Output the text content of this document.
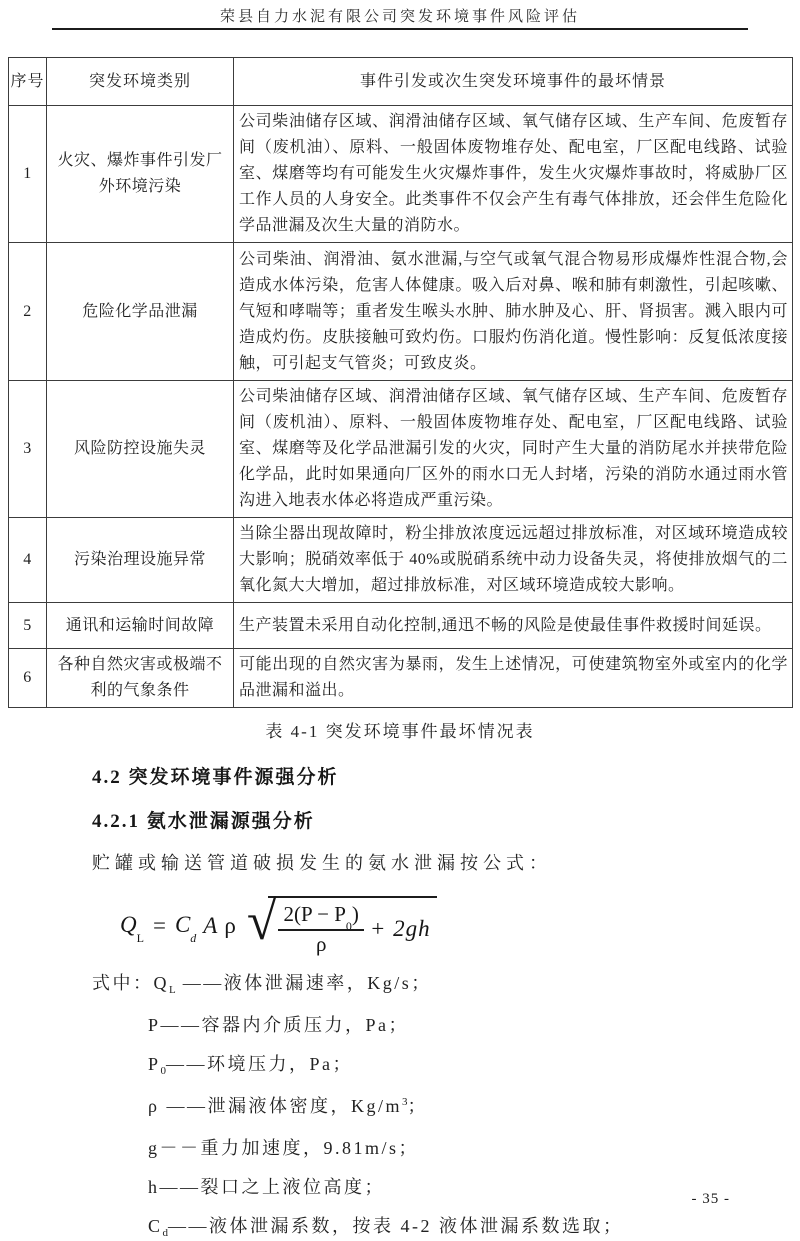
荣县自力水泥有限公司突发环境事件风险评估
序号	突发环境类别	事件引发或次生突发环境事件的最坏情景
1	火灾、爆炸事件引发厂外环境污染	公司柴油储存区域、润滑油储存区域、氧气储存区域、生产车间、危废暂存间（废机油）、原料、一般固体废物堆存处、配电室，厂区配电线路、试验室、煤磨等均有可能发生火灾爆炸事件，发生火灾爆炸事故时，将威胁厂区工作人员的人身安全。此类事件不仅会产生有毒气体排放，还会伴生危险化学品泄漏及次生大量的消防水。
2	危险化学品泄漏	公司柴油、润滑油、氨水泄漏,与空气或氧气混合物易形成爆炸性混合物,会造成水体污染，危害人体健康。吸入后对鼻、喉和肺有刺激性，引起咳嗽、气短和哮喘等；重者发生喉头水肿、肺水肿及心、肝、肾损害。溅入眼内可造成灼伤。皮肤接触可致灼伤。口服灼伤消化道。慢性影响：反复低浓度接触，可引起支气管炎；可致皮炎。
3	风险防控设施失灵	公司柴油储存区域、润滑油储存区域、氧气储存区域、生产车间、危废暂存间（废机油）、原料、一般固体废物堆存处、配电室，厂区配电线路、试验室、煤磨等及化学品泄漏引发的火灾，同时产生大量的消防尾水并挟带危险化学品，此时如果通向厂区外的雨水口无人封堵，污染的消防水通过雨水管沟进入地表水体必将造成严重污染。
4	污染治理设施异常	当除尘器出现故障时，粉尘排放浓度远远超过排放标准，对区域环境造成较大影响；脱硝效率低于 40%或脱硝系统中动力设备失灵，将使排放烟气的二氧化氮大大增加，超过排放标准，对区域环境造成较大影响。
5	通讯和运输时间故障	生产装置未采用自动化控制,通迅不畅的风险是使最佳事件救援时间延误。
6	各种自然灾害或极端不利的气象条件	可能出现的自然灾害为暴雨，发生上述情况，可使建筑物室外或室内的化学品泄漏和溢出。
表 4-1 突发环境事件最坏情况表
4.2 突发环境事件源强分析
4.2.1 氨水泄漏源强分析
贮罐或输送管道破损发生的氨水泄漏按公式：
$Q_L = C_d$ A ρ √ $\frac{2(P - P_0)}{\rho} + 2gh$
式中：$Q_L$ ——液体泄漏速率，Kg/s；
P——容器内介质压力，Pa；
$P_0——$环境压力，Pa；
ρ ——泄漏液体密度，$Kg/m^3$；
g－－重力加速度，9.81m/s；
h——裂口之上液位高度；
$C_d——$液体泄漏系数，按表 4-2 液体泄漏系数选取；
- 35 -
